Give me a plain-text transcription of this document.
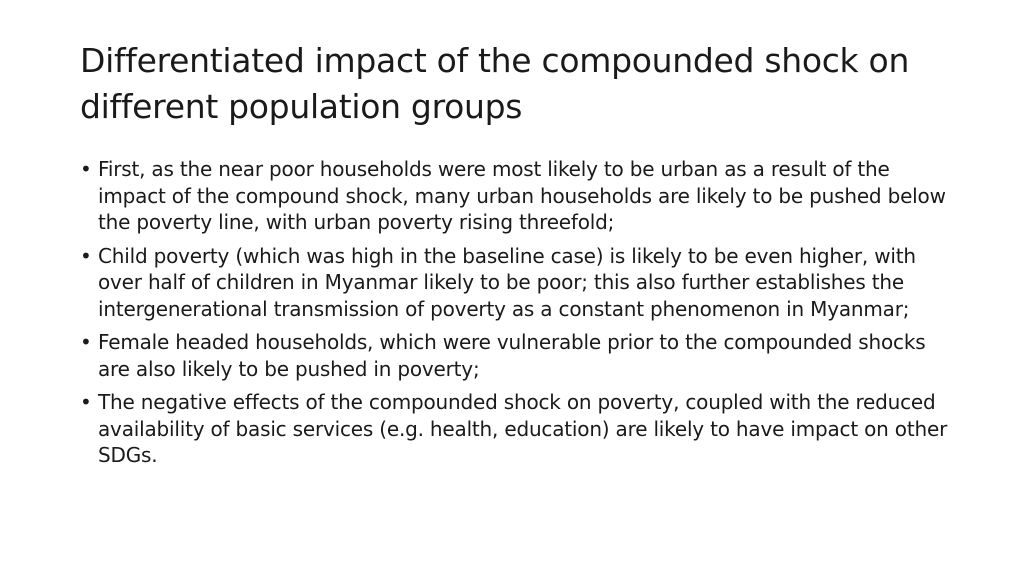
Differentiated impact of the compounded shock on different population groups
• First, as the near poor households were most likely to be urban as a result of the impact of the compound shock, many urban households are likely to be pushed below the poverty line, with urban poverty rising threefold;
• Child poverty (which was high in the baseline case) is likely to be even higher, with over half of children in Myanmar likely to be poor; this also further establishes the intergenerational transmission of poverty as a constant phenomenon in Myanmar;
• Female headed households, which were vulnerable prior to the compounded shocks are also likely to be pushed in poverty;
• The negative effects of the compounded shock on poverty, coupled with the reduced availability of basic services (e.g. health, education) are likely to have impact on other SDGs.
